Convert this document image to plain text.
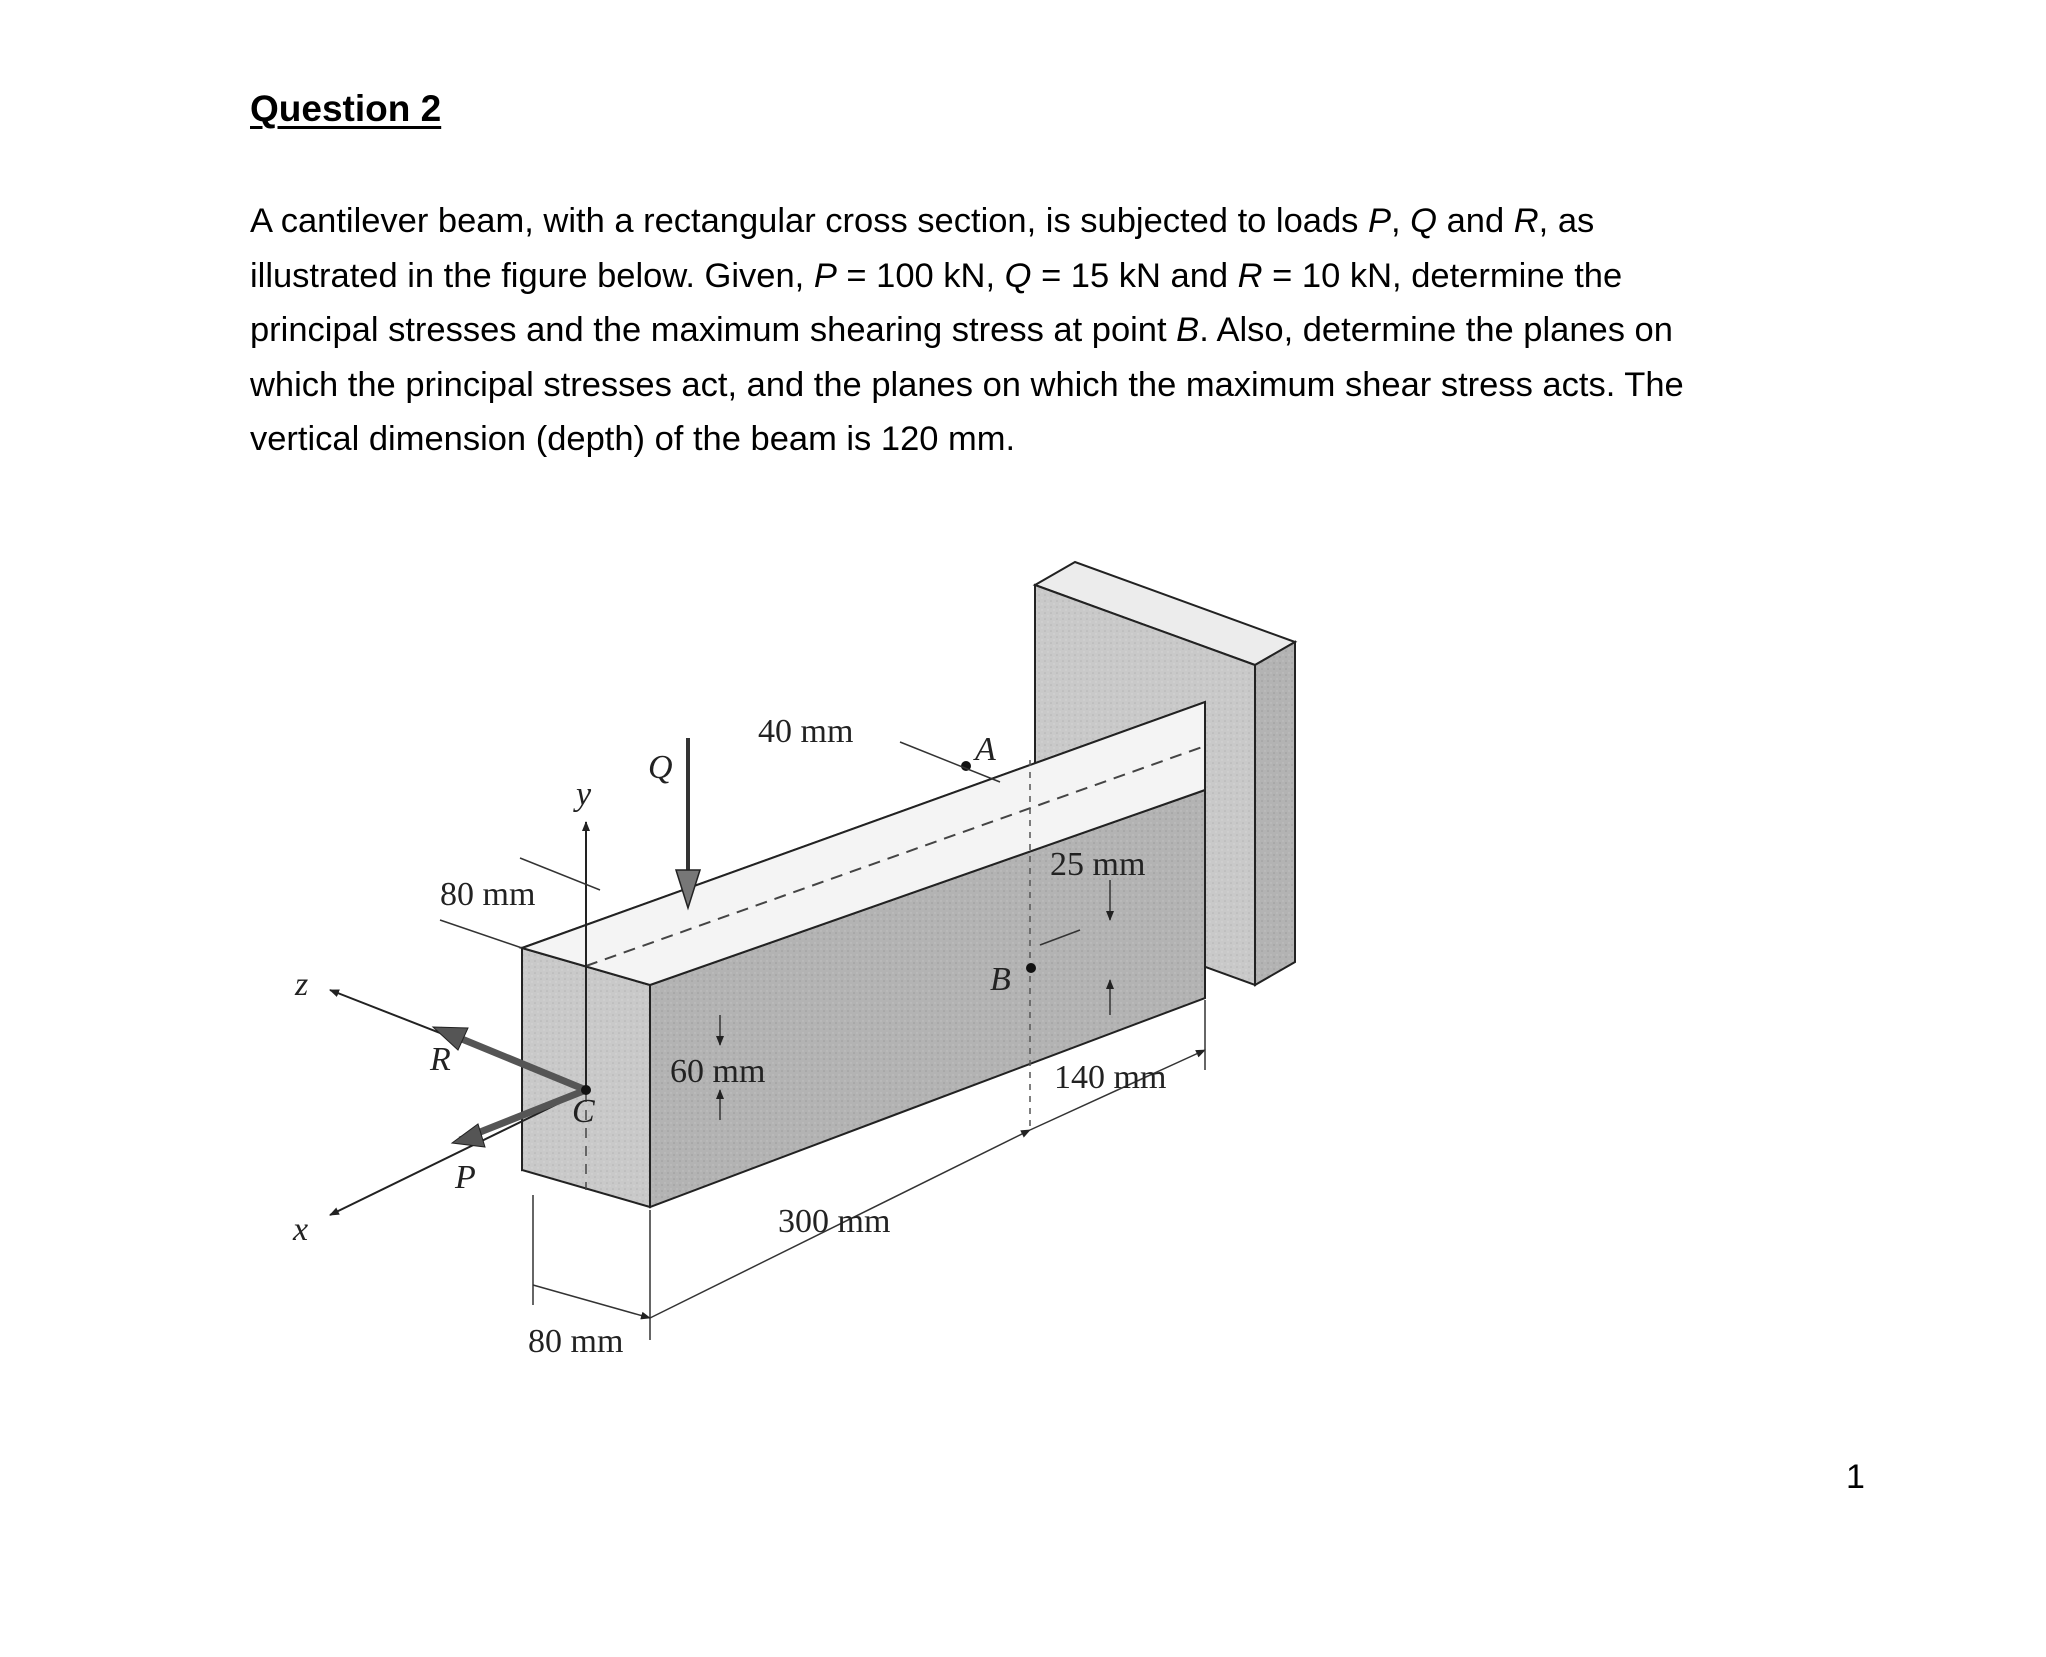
Question 2
A cantilever beam, with a rectangular cross section, is subjected to loads P, Q and R, as
illustrated in the figure below. Given, P = 100 kN, Q = 15 kN and R = 10 kN, determine the
principal stresses and the maximum shearing stress at point B. Also, determine the planes on
which the principal stresses act, and the planes on which the maximum shear stress acts. The
vertical dimension (depth) of the beam is 120 mm.
40 mm	A
y
Q
80 mm
25 mm
B
z
R	60 mm	140 mm
C
P
x	300 mm
80 mm
1
